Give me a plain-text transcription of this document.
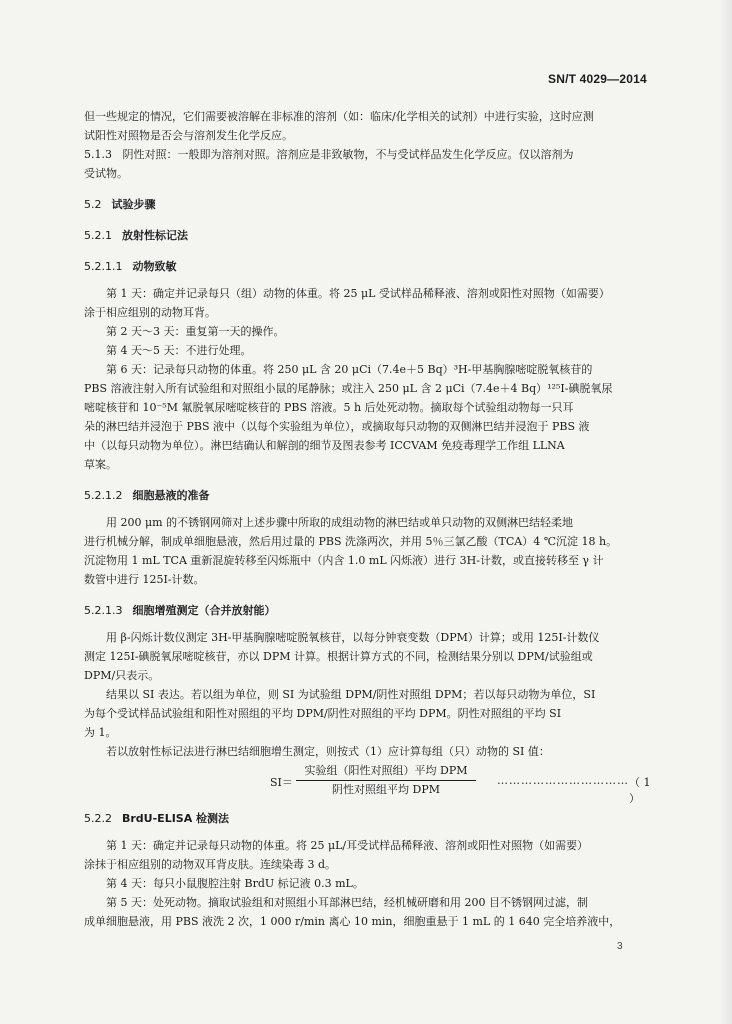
SN/T 4029—2014

但一些规定的情况，它们需要被溶解在非标准的溶剂（如：临床/化学相关的试剂）中进行实验，这时应测

试阳性对照物是否会与溶剂发生化学反应。

5.1.3 阴性对照：一般即为溶剂对照。溶剂应是非致敏物，不与受试样品发生化学反应。仅以溶剂为

受试物。

5.2 试验步骤
5.2.1 放射性标记法
5.2.1.1 动物致敏

第 1 天：确定并记录每只（组）动物的体重。将 25 μL 受试样品稀释液、溶剂或阳性对照物（如需要）

涂于相应组别的动物耳背。

第 2 天～3 天：重复第一天的操作。

第 4 天～5 天：不进行处理。

第 6 天：记录每只动物的体重。将 250 μL 含 20 μCi（7.4e＋5 Bq）³H-甲基胸腺嘧啶脱氧核苷的

PBS 溶液注射入所有试验组和对照组小鼠的尾静脉；或注入 250 μL 含 2 μCi（7.4e＋4 Bq）¹²⁵I-碘脱氧尿

嘧啶核苷和 10⁻⁵M 氟脱氧尿嘧啶核苷的 PBS 溶液。5 h 后处死动物。摘取每个试验组动物每一只耳

朵的淋巴结并浸泡于 PBS 液中（以每个实验组为单位），或摘取每只动物的双侧淋巴结并浸泡于 PBS 液

中（以每只动物为单位）。淋巴结确认和解剖的细节及图表参考 ICCVAM 免疫毒理学工作组 LLNA

草案。

5.2.1.2 细胞悬液的准备

用 200 μm 的不锈钢网筛对上述步骤中所取的成组动物的淋巴结或单只动物的双侧淋巴结轻柔地

进行机械分解，制成单细胞悬液，然后用过量的 PBS 洗涤两次，并用 5％三氯乙酸（TCA）4 ℃沉淀 18 h。

沉淀物用 1 mL TCA 重新混旋转移至闪烁瓶中（内含 1.0 mL 闪烁液）进行 3H-计数，或直接转移至 γ 计

数管中进行 125I-计数。

5.2.1.3 细胞增殖测定（合并放射能）

用 β-闪烁计数仪测定 3H-甲基胸腺嘧啶脱氧核苷，以每分钟衰变数（DPM）计算；或用 125I-计数仪

测定 125I-碘脱氧尿嘧啶核苷，亦以 DPM 计算。根据计算方式的不同，检测结果分别以 DPM/试验组或

DPM/只表示。

结果以 SI 表达。若以组为单位，则 SI 为试验组 DPM/阴性对照组 DPM；若以每只动物为单位，SI

为每个受试样品试验组和阳性对照组的平均 DPM/阴性对照组的平均 DPM。阴性对照组的平均 SI

为 1。

若以放射性标记法进行淋巴结细胞增生测定，则按式（1）应计算每组（只）动物的 SI 值：

SI＝
实验组（阳性对照组）平均 DPM
阴性对照组平均 DPM
…………………………… （ 1 ）
5.2.2 BrdU-ELISA 检测法

第 1 天：确定并记录每只动物的体重。将 25 μL/耳受试样品稀释液、溶剂或阳性对照物（如需要）

涂抹于相应组别的动物双耳背皮肤。连续染毒 3 d。

第 4 天：每只小鼠腹腔注射 BrdU 标记液 0.3 mL。

第 5 天：处死动物。摘取试验组和对照组小耳部淋巴结，经机械研磨和用 200 目不锈钢网过滤，制

成单细胞悬液，用 PBS 液洗 2 次，1 000 r/min 离心 10 min，细胞重悬于 1 mL 的 1 640 完全培养液中，

3
